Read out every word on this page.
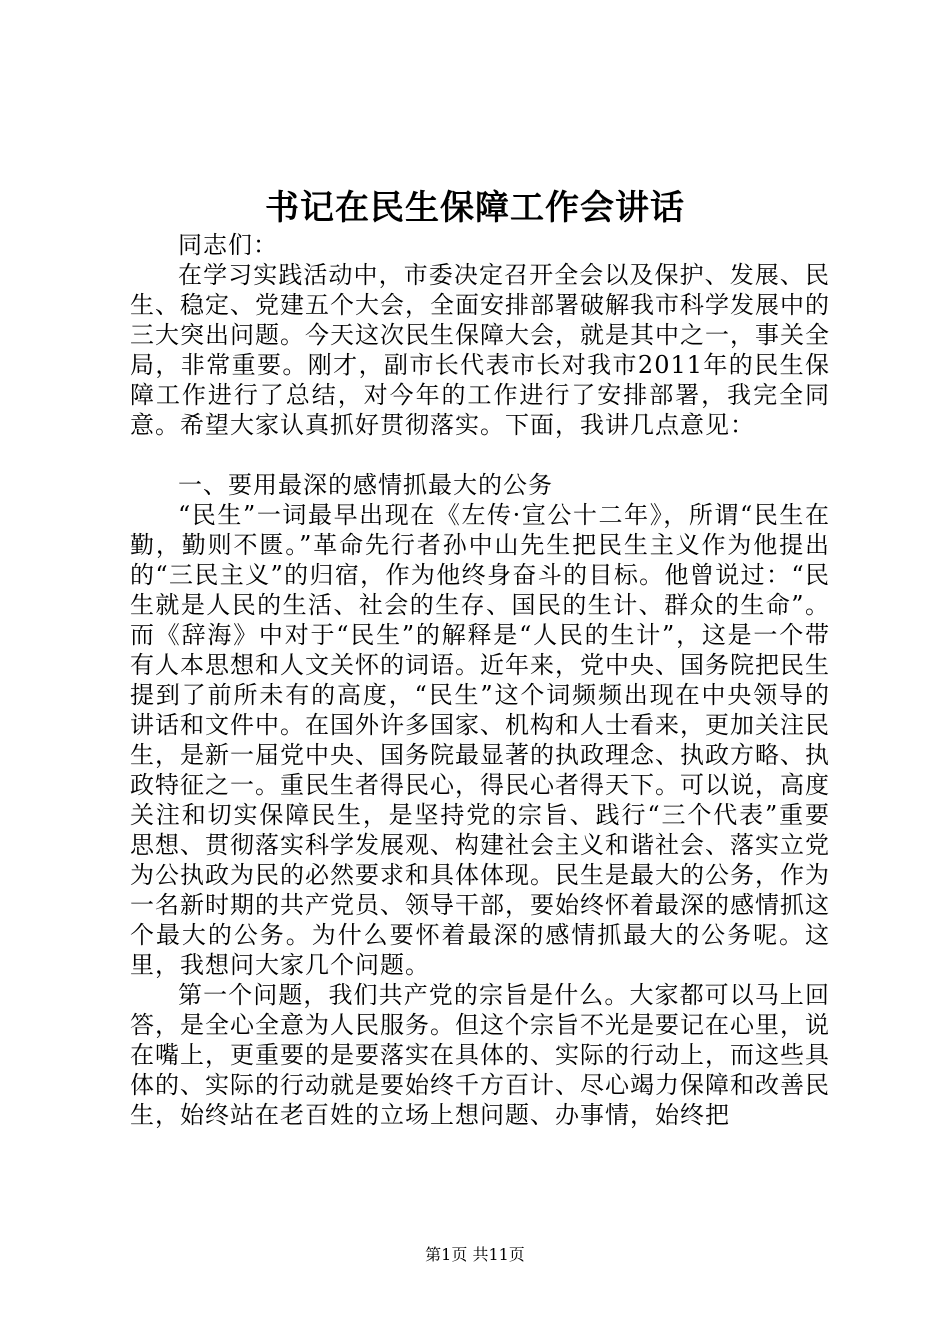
书记在民生保障工作会讲话

同志们：

在学习实践活动中，市委决定召开全会以及保护、发展、民生、稳定、党建五个大会，全面安排部署破解我市科学发展中的三大突出问题。今天这次民生保障大会，就是其中之一，事关全局，非常重要。刚才，副市长代表市长对我市2011年的民生保障工作进行了总结，对今年的工作进行了安排部署，我完全同意。希望大家认真抓好贯彻落实。下面，我讲几点意见：

一、要用最深的感情抓最大的公务

“民生”一词最早出现在《左传·宣公十二年》，所谓“民生在勤，勤则不匮。”革命先行者孙中山先生把民生主义作为他提出的“三民主义”的归宿，作为他终身奋斗的目标。他曾说过：“民生就是人民的生活、社会的生存、国民的生计、群众的生命”。而《辞海》中对于“民生”的解释是“人民的生计”，这是一个带有人本思想和人文关怀的词语。近年来，党中央、国务院把民生提到了前所未有的高度，“民生”这个词频频出现在中央领导的讲话和文件中。在国外许多国家、机构和人士看来，更加关注民生，是新一届党中央、国务院最显著的执政理念、执政方略、执政特征之一。重民生者得民心，得民心者得天下。可以说，高度关注和切实保障民生，是坚持党的宗旨、践行“三个代表”重要思想、贯彻落实科学发展观、构建社会主义和谐社会、落实立党为公执政为民的必然要求和具体体现。民生是最大的公务，作为一名新时期的共产党员、领导干部，要始终怀着最深的感情抓这个最大的公务。为什么要怀着最深的感情抓最大的公务呢。这里，我想问大家几个问题。

第一个问题，我们共产党的宗旨是什么。大家都可以马上回答，是全心全意为人民服务。但这个宗旨不光是要记在心里，说在嘴上，更重要的是要落实在具体的、实际的行动上，而这些具体的、实际的行动就是要始终千方百计、尽心竭力保障和改善民生，始终站在老百姓的立场上想问题、办事情，始终把

第1页 共11页
